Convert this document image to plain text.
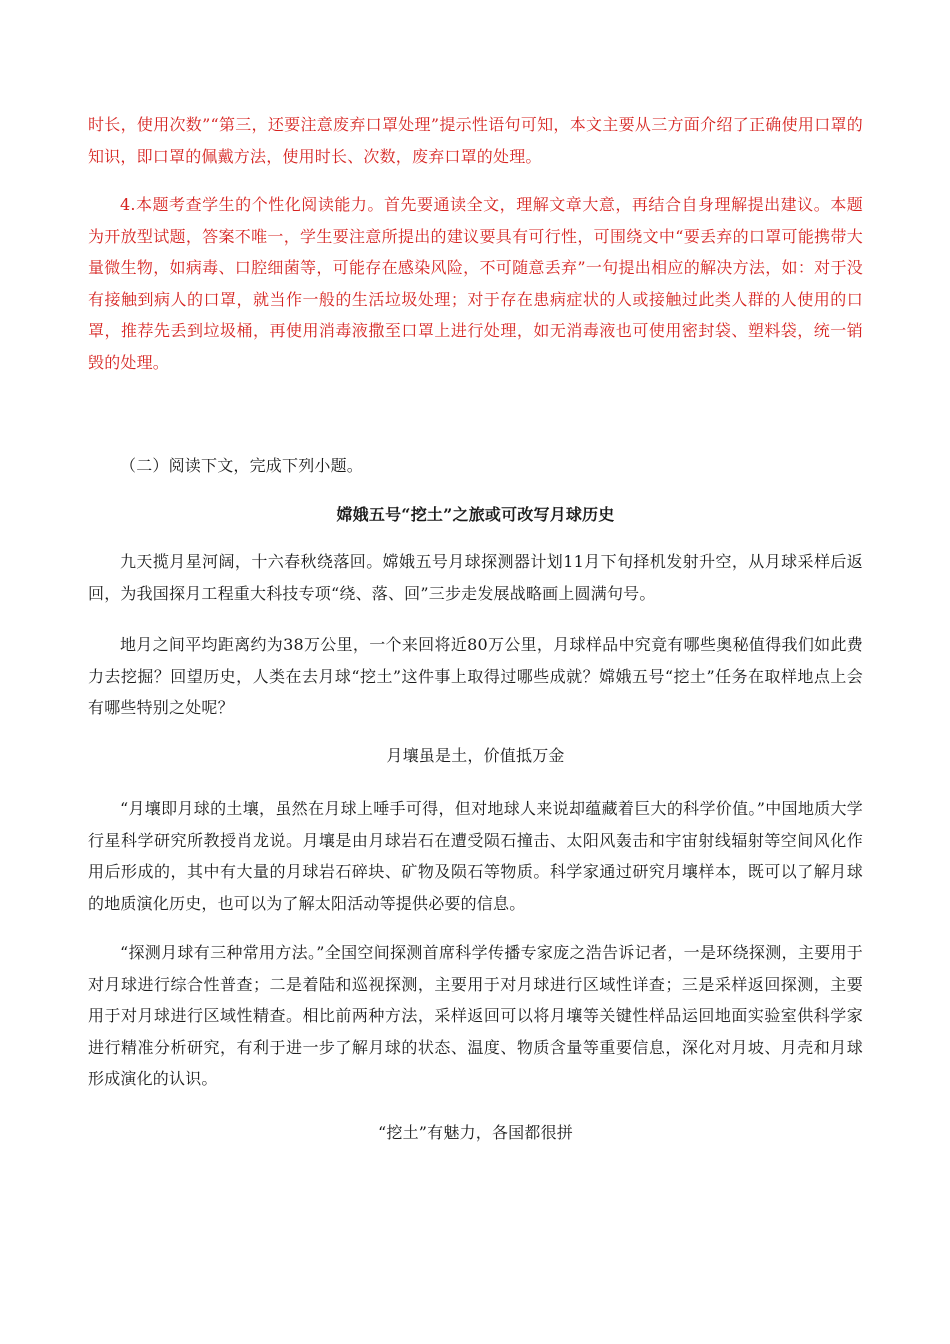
时长，使用次数”“第三，还要注意废弃口罩处理”提示性语句可知，本文主要从三方面介绍了正确使用口罩的知识，即口罩的佩戴方法，使用时长、次数，废弃口罩的处理。

4.本题考查学生的个性化阅读能力。首先要通读全文，理解文章大意，再结合自身理解提出建议。本题为开放型试题，答案不唯一，学生要注意所提出的建议要具有可行性，可围绕文中“要丢弃的口罩可能携带大量微生物，如病毒、口腔细菌等，可能存在感染风险，不可随意丢弃”一句提出相应的解决方法，如：对于没有接触到病人的口罩，就当作一般的生活垃圾处理；对于存在患病症状的人或接触过此类人群的人使用的口罩，推荐先丢到垃圾桶，再使用消毒液撒至口罩上进行处理，如无消毒液也可使用密封袋、塑料袋，统一销毁的处理。

（二）阅读下文，完成下列小题。

嫦娥五号“挖土”之旅或可改写月球历史

九天揽月星河阔，十六春秋绕落回。嫦娥五号月球探测器计划11月下旬择机发射升空，从月球采样后返回，为我国探月工程重大科技专项“绕、落、回”三步走发展战略画上圆满句号。

地月之间平均距离约为38万公里，一个来回将近80万公里，月球样品中究竟有哪些奥秘值得我们如此费力去挖掘？回望历史，人类在去月球“挖土”这件事上取得过哪些成就？嫦娥五号“挖土”任务在取样地点上会有哪些特别之处呢？

月壤虽是土，价值抵万金

“月壤即月球的土壤，虽然在月球上唾手可得，但对地球人来说却蕴藏着巨大的科学价值。”中国地质大学行星科学研究所教授肖龙说。月壤是由月球岩石在遭受陨石撞击、太阳风轰击和宇宙射线辐射等空间风化作用后形成的，其中有大量的月球岩石碎块、矿物及陨石等物质。科学家通过研究月壤样本，既可以了解月球的地质演化历史，也可以为了解太阳活动等提供必要的信息。

“探测月球有三种常用方法。”全国空间探测首席科学传播专家庞之浩告诉记者，一是环绕探测，主要用于对月球进行综合性普查；二是着陆和巡视探测，主要用于对月球进行区域性详查；三是采样返回探测，主要用于对月球进行区域性精查。相比前两种方法，采样返回可以将月壤等关键性样品运回地面实验室供科学家进行精准分析研究，有利于进一步了解月球的状态、温度、物质含量等重要信息，深化对月坡、月壳和月球形成演化的认识。

“挖土”有魅力，各国都很拼
